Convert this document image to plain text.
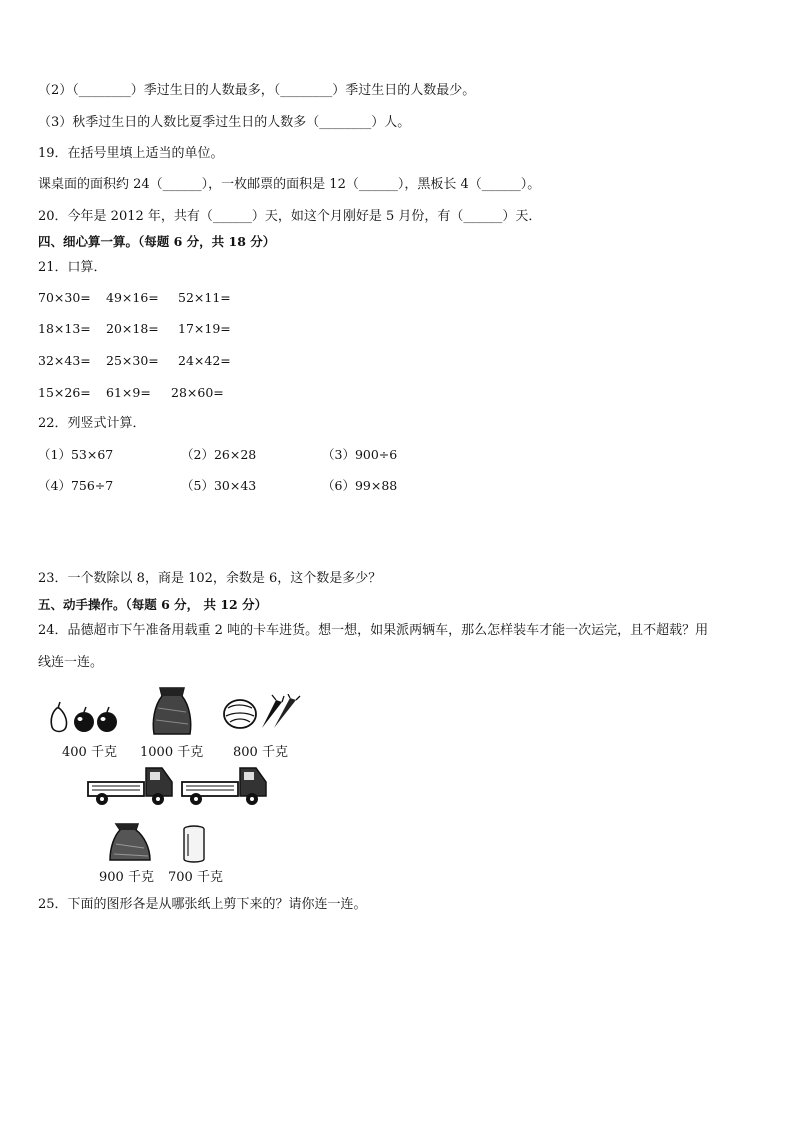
（2）（________）季过生日的人数最多，（________）季过生日的人数最少。
（3）秋季过生日的人数比夏季过生日的人数多（________）人。
19．在括号里填上适当的单位。
课桌面的面积约 24（______），一枚邮票的面积是 12（______），黑板长 4（______）。
20．今年是 2012 年，共有（______）天，如这个月刚好是 5 月份，有（______）天．
四、细心算一算。（每题 6 分，共 18 分）
21．口算．
70×30= 49×16= 52×11=
18×13= 20×18= 17×19=
32×43= 25×30= 24×42=
15×26= 61×9= 28×60=
22．列竖式计算．
（1）53×67	（2）26×28	（3）900÷6
（4）756÷7	（5）30×43	（6）99×88
23．一个数除以 8，商是 102，余数是 6，这个数是多少？
五、动手操作。（每题 6 分， 共 12 分）
24．品德超市下午准备用载重 2 吨的卡车进货。想一想，如果派两辆车，那么怎样装车才能一次运完，且不超载？用
线连一连。
400 千克 1000 千克 800 千克
900 千克 700 千克
25．下面的图形各是从哪张纸上剪下来的？请你连一连。
